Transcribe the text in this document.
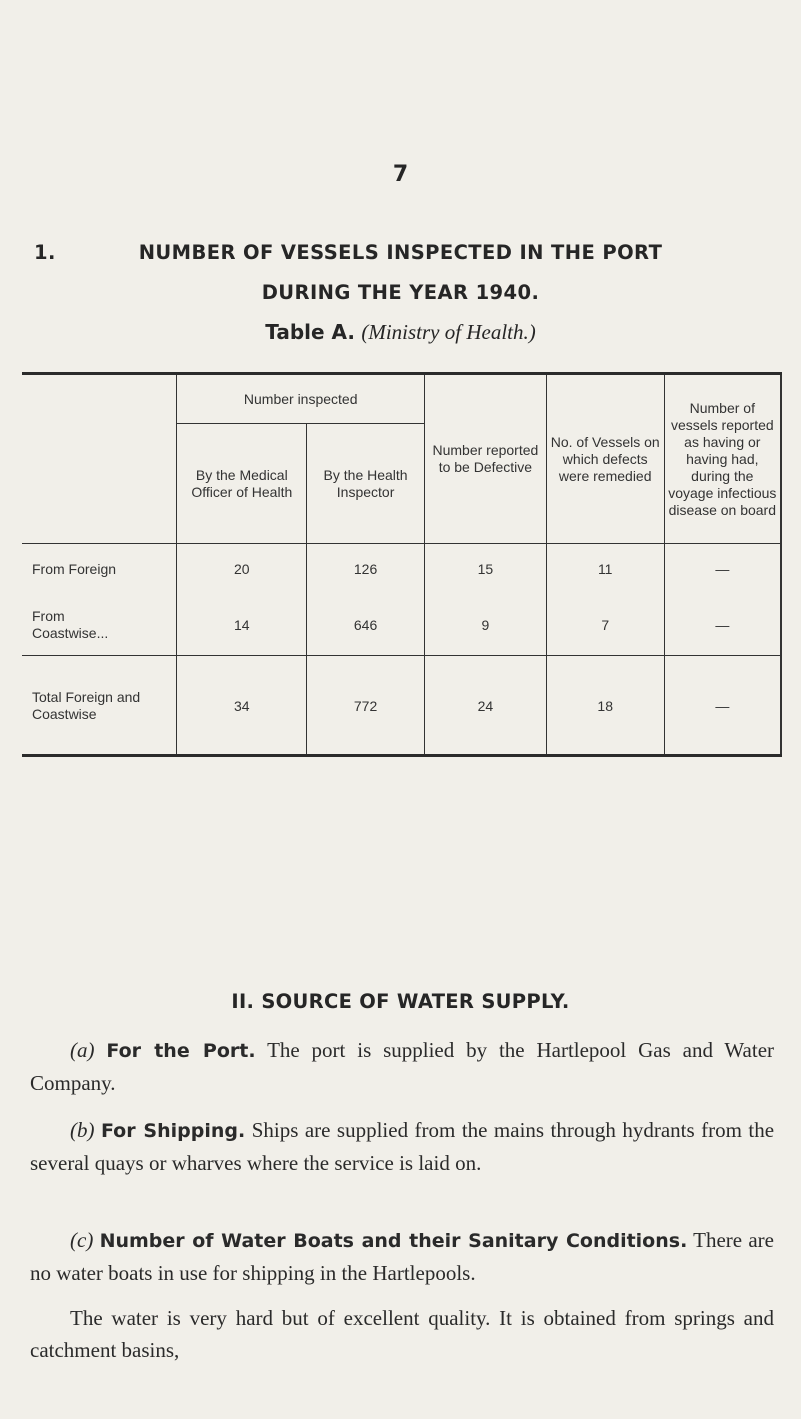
7
1.	NUMBER OF VESSELS INSPECTED IN THE PORT
DURING THE YEAR 1940.
Table A. (Ministry of Health.)
	Number inspected		Number reported to be Defective	No. of Vessels on which defects were remedied	Number of vessels reported as having or having had, during the voyage infectious disease on board
	By the Medical Officer of Health	By the Health Inspector			
From Foreign	20	126	15	11	—
From Coastwise...	14	646	9	7	—
Total Foreign and Coastwise	34	772	24	18	—
II. SOURCE OF WATER SUPPLY.
(a) For the Port. The port is supplied by the Hartlepool Gas and Water Company.
(b) For Shipping. Ships are supplied from the mains through hydrants from the several quays or wharves where the service is laid on.
(c) Number of Water Boats and their Sanitary Conditions. There are no water boats in use for shipping in the Hartlepools.
The water is very hard but of excellent quality. It is obtained from springs and catchment basins,
